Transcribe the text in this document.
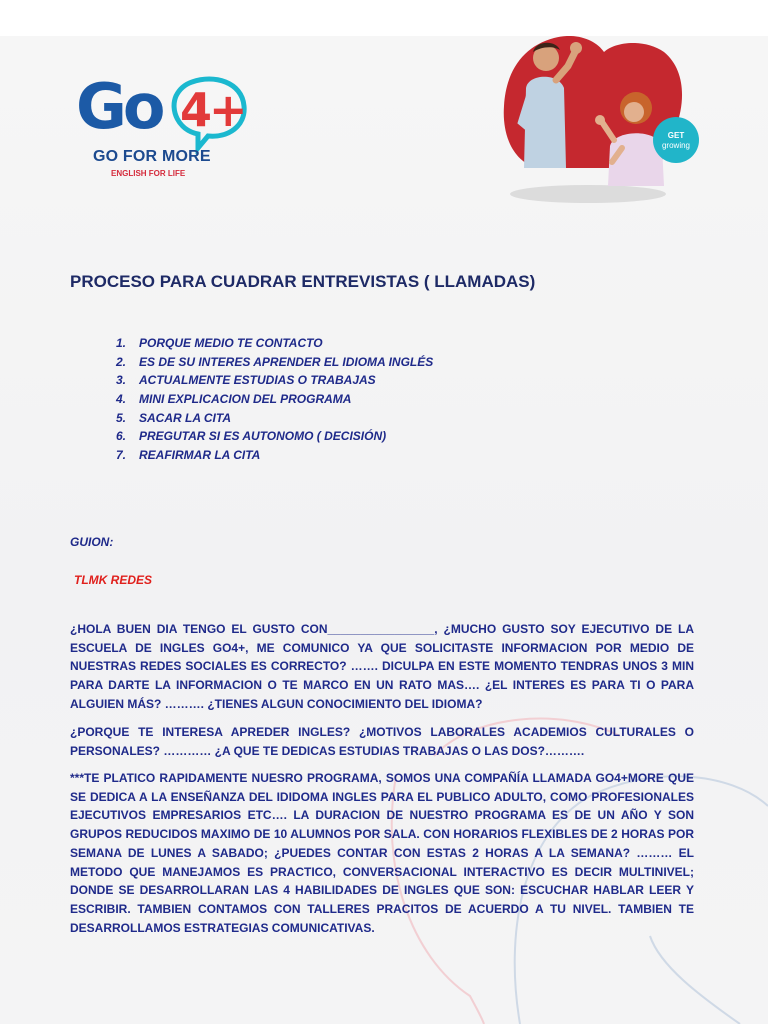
Go 4+
GO FOR MORE
ENGLISH FOR LIFE
GET
growing
PROCESO PARA CUADRAR ENTREVISTAS ( LLAMADAS)
1. PORQUE MEDIO TE CONTACTO
2. ES DE SU INTERES APRENDER EL IDIOMA INGLÉS
3. ACTUALMENTE ESTUDIAS O TRABAJAS
4. MINI EXPLICACION DEL PROGRAMA
5. SACAR LA CITA
6. PREGUTAR SI ES AUTONOMO ( DECISIÓN)
7. REAFIRMAR LA CITA
GUION:
TLMK REDES

¿HOLA BUEN DIA TENGO EL GUSTO CON________________, ¿MUCHO GUSTO SOY EJECUTIVO DE LA ESCUELA DE INGLES GO4+, ME COMUNICO YA QUE SOLICITASTE INFORMACION POR MEDIO DE NUESTRAS REDES SOCIALES ES CORRECTO? ……. DICULPA EN ESTE MOMENTO TENDRAS UNOS 3 MIN PARA DARTE LA INFORMACION O TE MARCO EN UN RATO MAS…. ¿EL INTERES ES PARA TI O PARA ALGUIEN MÁS? ………. ¿TIENES ALGUN CONOCIMIENTO DEL IDIOMA?

¿PORQUE TE INTERESA APREDER INGLES? ¿MOTIVOS LABORALES ACADEMIOS CULTURALES O PERSONALES? ………… ¿A QUE TE DEDICAS ESTUDIAS TRABAJAS O LAS DOS?……….

***TE PLATICO RAPIDAMENTE NUESRO PROGRAMA, SOMOS UNA COMPAÑÍA LLAMADA GO4+MORE QUE SE DEDICA A LA ENSEÑANZA DEL IDIDOMA INGLES PARA EL PUBLICO ADULTO, COMO PROFESIONALES EJECUTIVOS EMPRESARIOS ETC…. LA DURACION DE NUESTRO PROGRAMA ES DE UN AÑO Y SON GRUPOS REDUCIDOS MAXIMO DE 10 ALUMNOS POR SALA. CON HORARIOS FLEXIBLES DE 2 HORAS POR SEMANA DE LUNES A SABADO; ¿PUEDES CONTAR CON ESTAS 2 HORAS A LA SEMANA? ……… EL METODO QUE MANEJAMOS ES PRACTICO, CONVERSACIONAL INTERACTIVO ES DECIR MULTINIVEL; DONDE SE DESARROLLARAN LAS 4 HABILIDADES DE INGLES QUE SON: ESCUCHAR HABLAR LEER Y ESCRIBIR. TAMBIEN CONTAMOS CON TALLERES PRACITOS DE ACUERDO A TU NIVEL. TAMBIEN TE DESARROLLAMOS ESTRATEGIAS COMUNICATIVAS.
